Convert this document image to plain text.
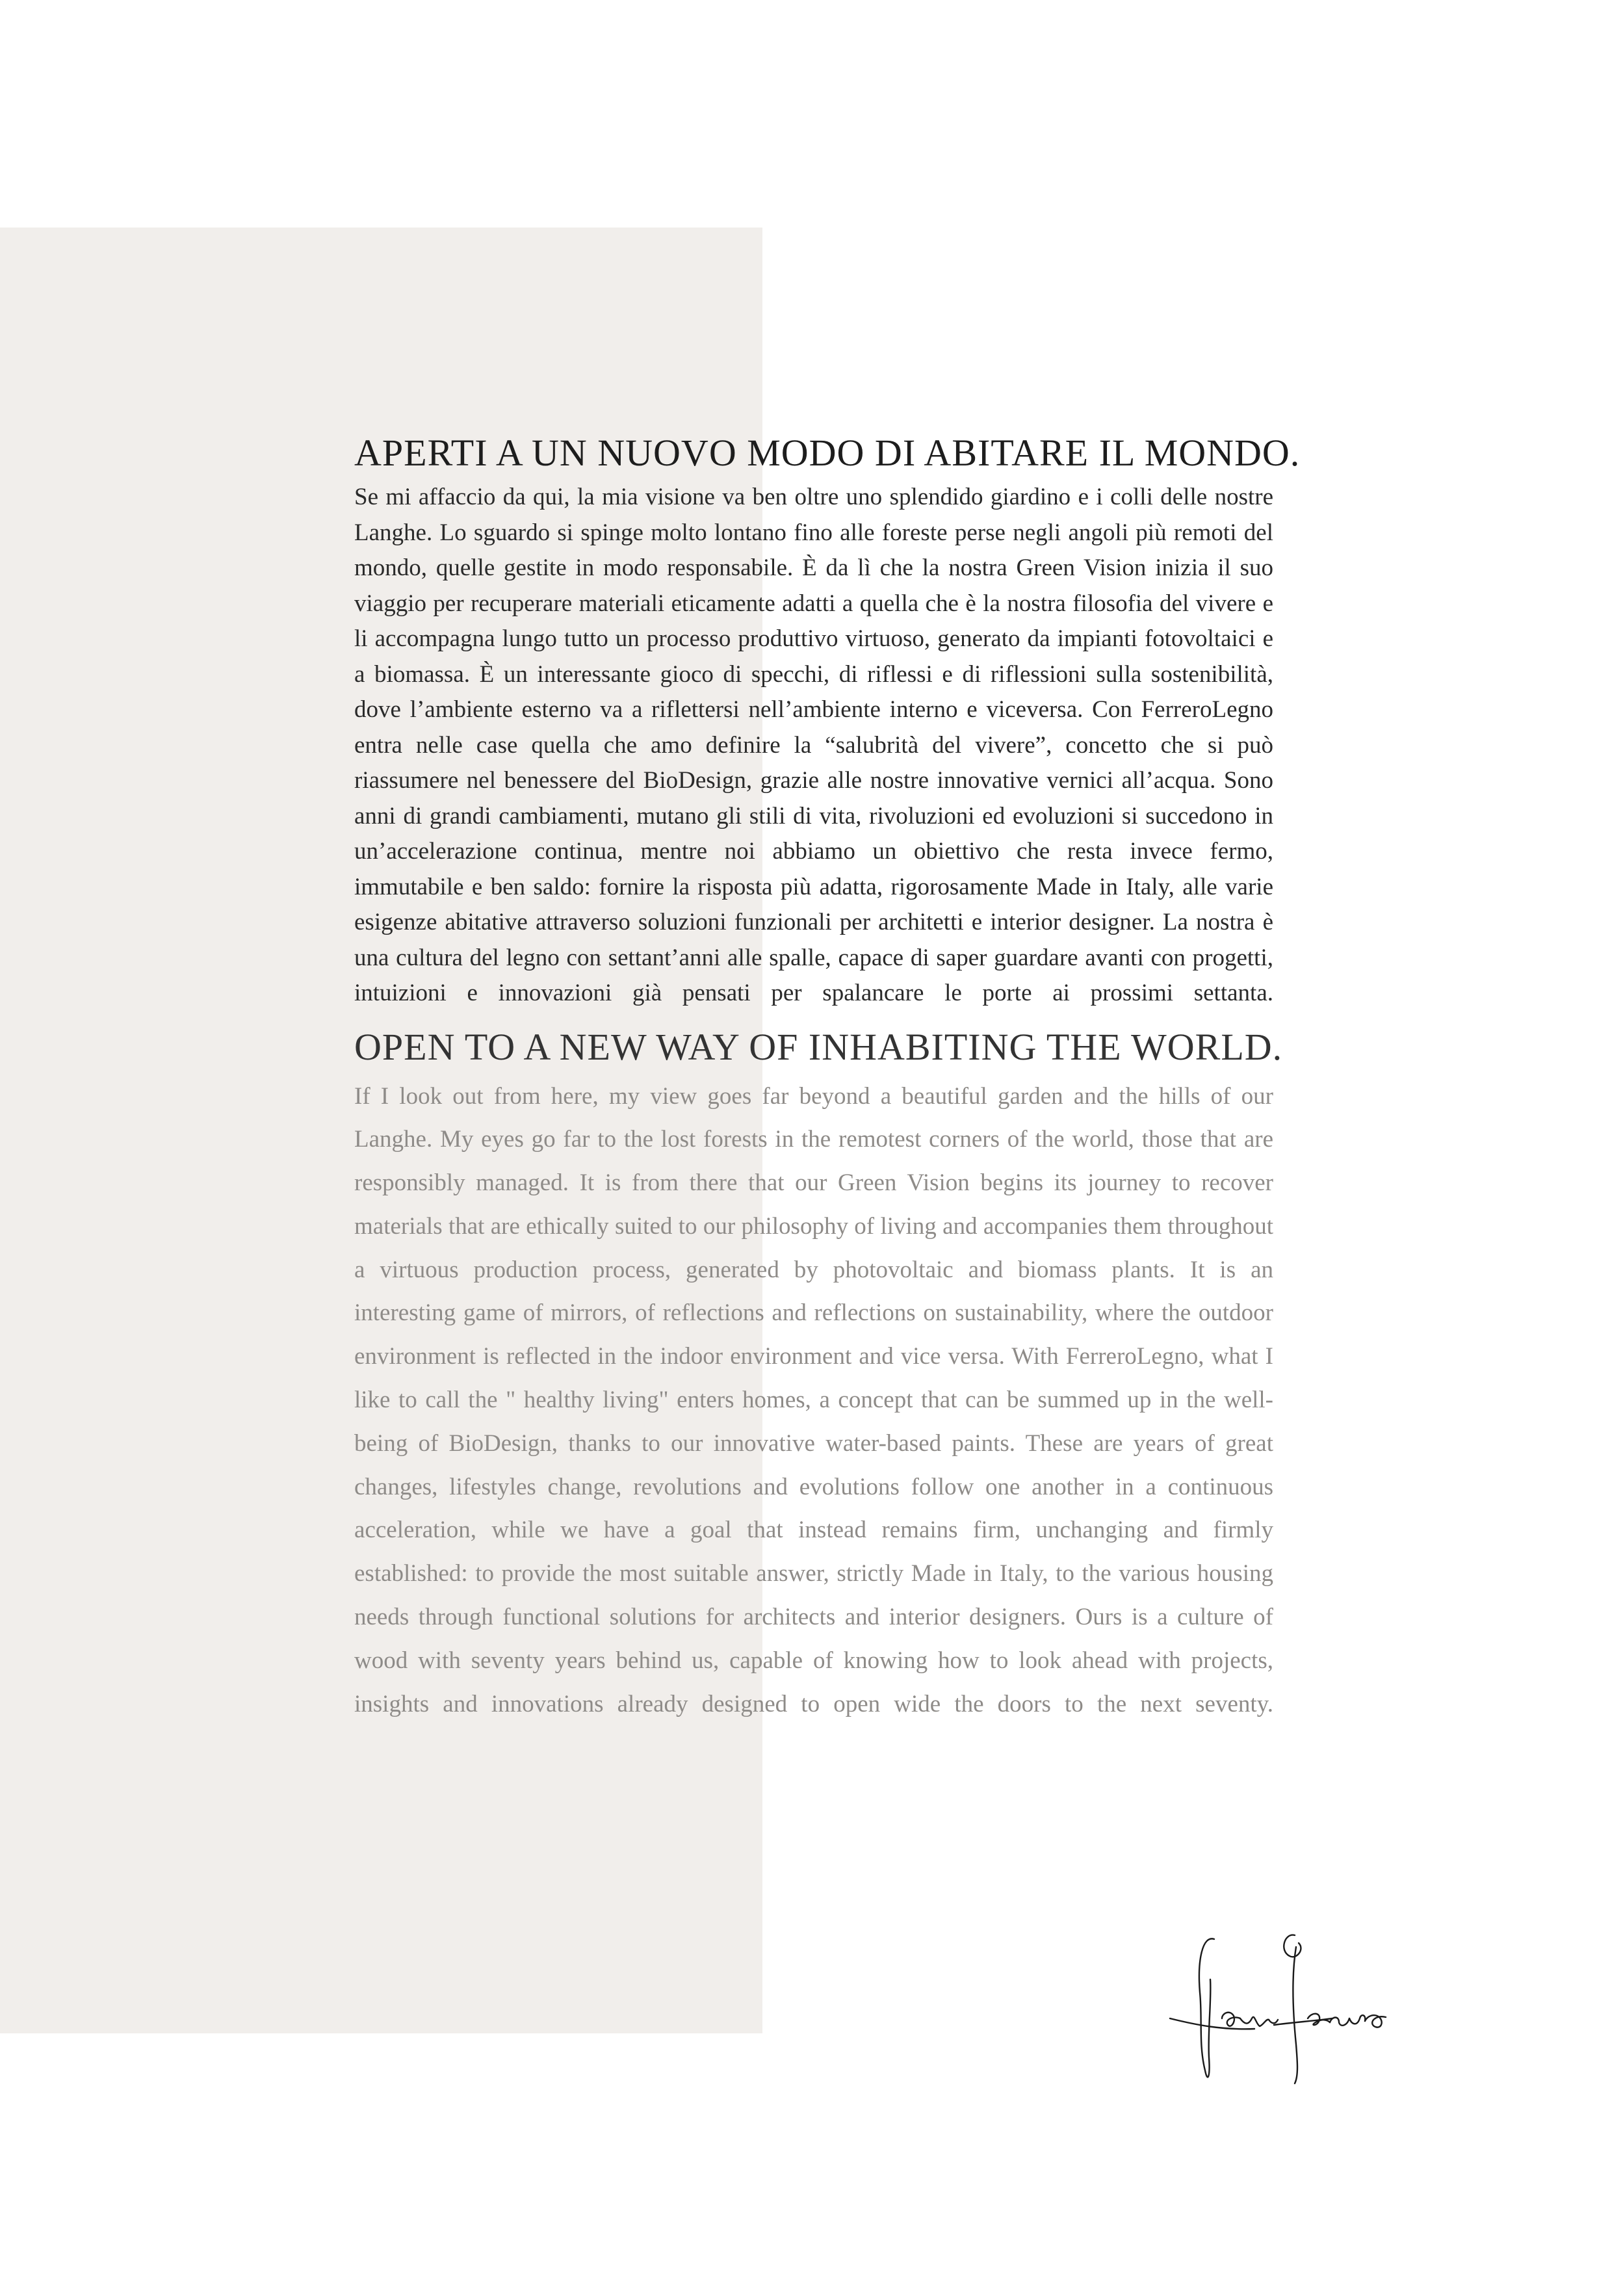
APERTI A UN NUOVO MODO DI ABITARE IL MONDO.

Se mi affaccio da qui, la mia visione va ben oltre uno splendido giardino e i colli delle nostre Langhe. Lo sguardo si spinge molto lontano fino alle foreste perse negli angoli più remoti del mondo, quelle gestite in modo responsabile. È da lì che la nostra Green Vision inizia il suo viaggio per recuperare materiali eticamente adatti a quella che è la nostra filosofia del vivere e li accompagna lungo tutto un processo produttivo virtuoso, generato da impianti fotovoltaici e a biomassa. È un interessante gioco di specchi, di riflessi e di riflessioni sulla sostenibilità, dove l’ambiente esterno va a riflettersi nell’ambiente interno e viceversa. Con FerreroLegno entra nelle case quella che amo definire la “salubrità del vivere”, concetto che si può riassumere nel benessere del BioDesign, grazie alle nostre innovative vernici all’acqua. Sono anni di grandi cambiamenti, mutano gli stili di vita, rivoluzioni ed evoluzioni si succedono in un’accelerazione continua, mentre noi abbiamo un obiettivo che resta invece fermo, immutabile e ben saldo: fornire la risposta più adatta, rigorosamente Made in Italy, alle varie esigenze abitative attraverso soluzioni funzionali per architetti e interior designer. La nostra è una cultura del legno con settant’anni alle spalle, capace di saper guardare avanti con progetti, intuizioni e innovazioni già pensati per spalancare le porte ai prossimi settanta.

OPEN TO A NEW WAY OF INHABITING THE WORLD.

If I look out from here, my view goes far beyond a beautiful garden and the hills of our Langhe. My eyes go far to the lost forests in the remotest corners of the world, those that are responsibly managed. It is from there that our Green Vision begins its journey to recover materials that are ethically suited to our philosophy of living and accompanies them throughout a virtuous production process, generated by photovoltaic and biomass plants. It is an interesting game of mirrors, of reflections and reflections on sustainability, where the outdoor environment is reflected in the indoor environment and vice versa. With FerreroLegno, what I like to call the " healthy living" enters homes, a concept that can be summed up in the well-being of BioDesign, thanks to our innovative water-based paints. These are years of great changes, lifestyles change, revolutions and evolutions follow one another in a continuous acceleration, while we have a goal that instead remains firm, unchanging and firmly established: to provide the most suitable answer, strictly Made in Italy, to the various housing needs through functional solutions for architects and interior designers. Ours is a culture of wood with seventy years behind us, capable of knowing how to look ahead with projects, insights and innovations already designed to open wide the doors to the next seventy.
